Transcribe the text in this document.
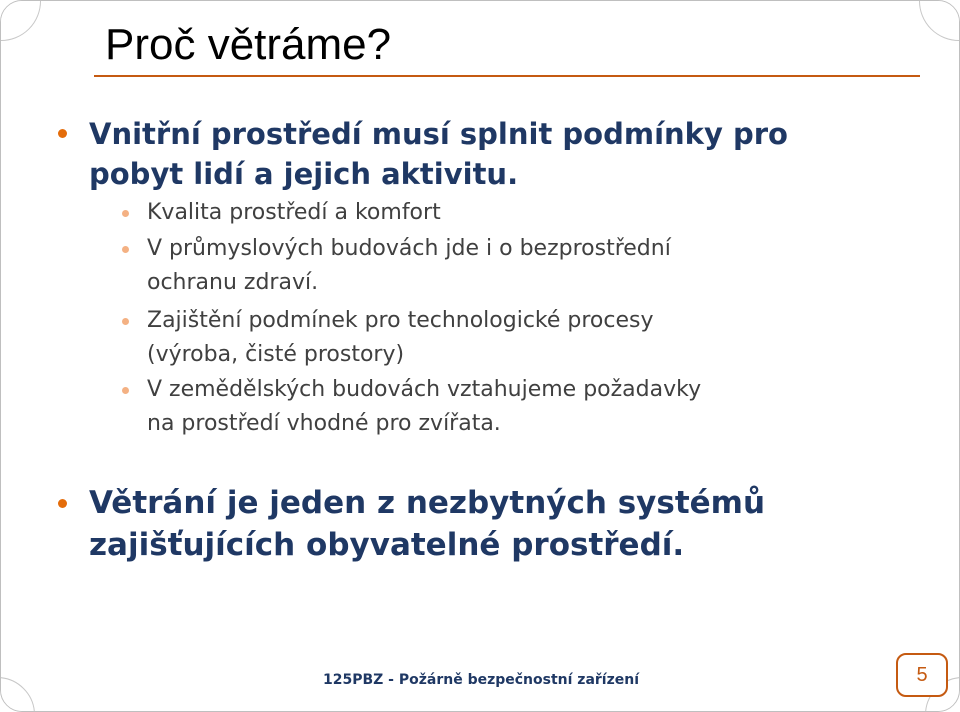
Proč větráme?

Vnitřní prostředí musí splnit podmínky pro
pobyt lidí a jejich aktivitu.

Kvalita prostředí a komfort

V průmyslových budovách jde i o bezprostřední
ochranu zdraví.

Zajištění podmínek pro technologické procesy
(výroba, čisté prostory)

V zemědělských budovách vztahujeme požadavky
na prostředí vhodné pro zvířata.

Větrání je jeden z nezbytných systémů
zajišťujících obyvatelné prostředí.

125PBZ - Požárně bezpečnostní zařízení	5
